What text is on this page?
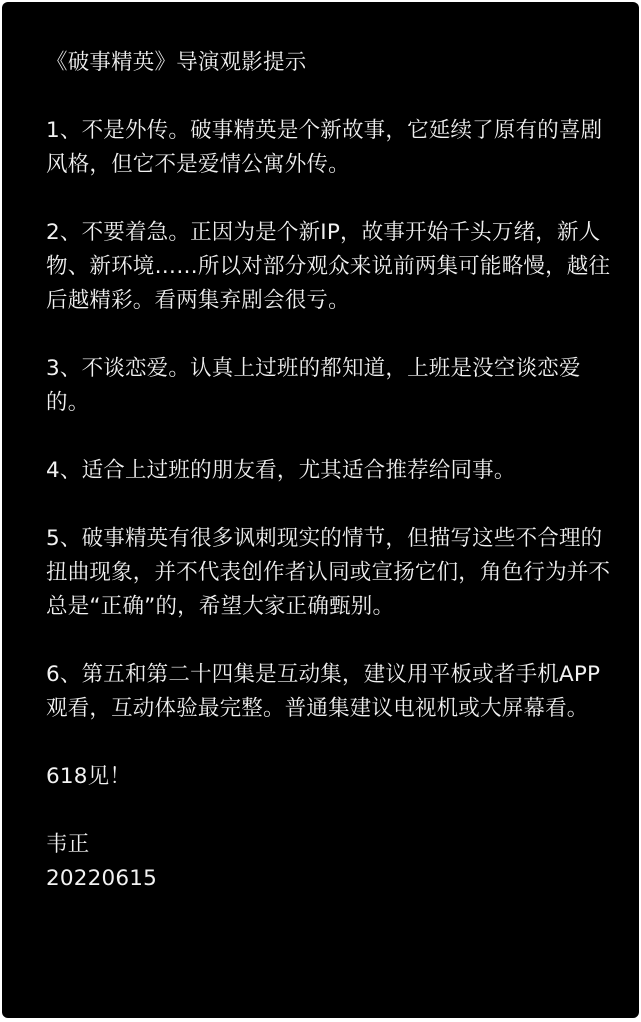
《破事精英》导演观影提示
1、不是外传。破事精英是个新故事，它延续了原有的喜剧风格，但它不是爱情公寓外传。
2、不要着急。正因为是个新IP，故事开始千头万绪，新人物、新环境……所以对部分观众来说前两集可能略慢，越往后越精彩。看两集弃剧会很亏。
3、不谈恋爱。认真上过班的都知道，上班是没空谈恋爱的。
4、适合上过班的朋友看，尤其适合推荐给同事。
5、破事精英有很多讽刺现实的情节，但描写这些不合理的扭曲现象，并不代表创作者认同或宣扬它们，角色行为并不总是“正确”的，希望大家正确甄别。
6、第五和第二十四集是互动集，建议用平板或者手机APP观看，互动体验最完整。普通集建议电视机或大屏幕看。
618见！
韦正
20220615
